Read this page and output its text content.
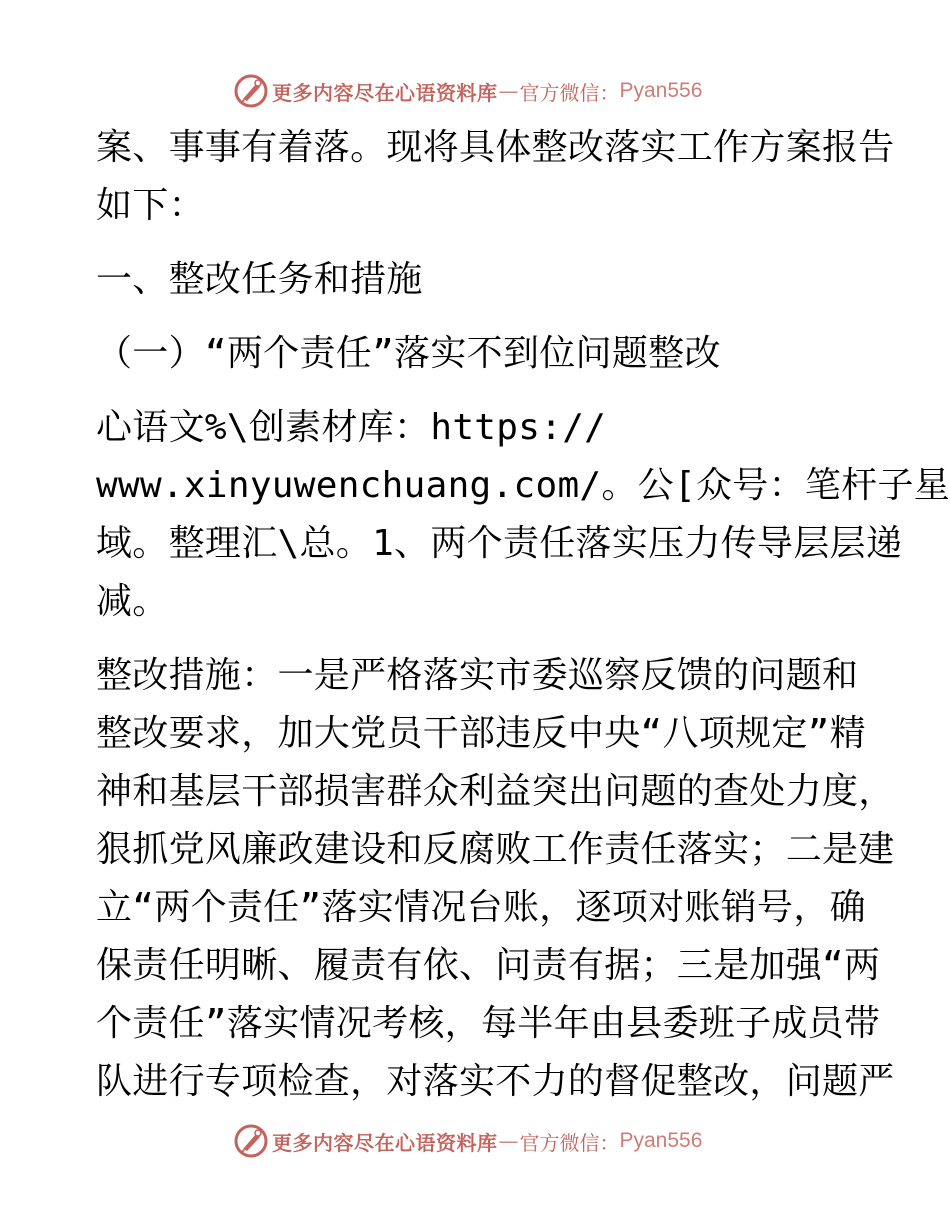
更多内容尽在心语资料库 — 官方微信： Pyan556
案、事事有着落。现将具体整改落实工作方案报告
如下：
一、整改任务和措施
（一）“两个责任”落实不到位问题整改
心语文%\创素材库：https://
www.xinyuwenchuang.com/。公[众号：笔杆子星
域。整理汇\总。1、两个责任落实压力传导层层递
减。
整改措施：一是严格落实市委巡察反馈的问题和
整改要求，加大党员干部违反中央“八项规定”精
神和基层干部损害群众利益突出问题的查处力度，
狠抓党风廉政建设和反腐败工作责任落实；二是建
立“两个责任”落实情况台账，逐项对账销号，确
保责任明晰、履责有依、问责有据；三是加强“两
个责任”落实情况考核，每半年由县委班子成员带
队进行专项检查，对落实不力的督促整改，问题严
更多内容尽在心语资料库 — 官方微信： Pyan556
